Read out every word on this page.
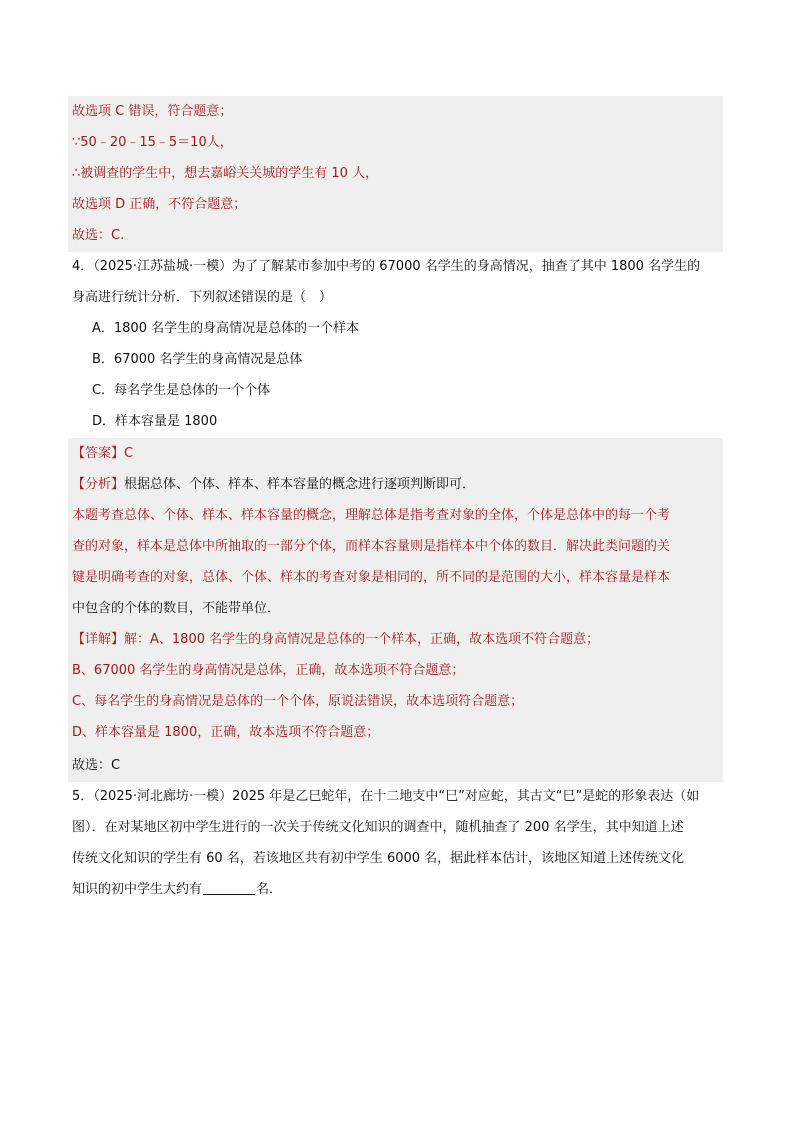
故选项 C 错误，符合题意；
∵50﹣20﹣15﹣5＝10人，
∴被调查的学生中，想去嘉峪关关城的学生有 10 人，
故选项 D 正确，不符合题意；
故选：C.
4．（2025·江苏盐城·一模）为了了解某市参加中考的 67000 名学生的身高情况，抽查了其中 1800 名学生的
身高进行统计分析．下列叙述错误的是（　）
A．1800 名学生的身高情况是总体的一个样本
B．67000 名学生的身高情况是总体
C．每名学生是总体的一个个体
D．样本容量是 1800
【答案】C
【分析】根据总体、个体、样本、样本容量的概念进行逐项判断即可．
本题考查总体、个体、样本、样本容量的概念，理解总体是指考查对象的全体，个体是总体中的每一个考
查的对象，样本是总体中所抽取的一部分个体，而样本容量则是指样本中个体的数目．解决此类问题的关
键是明确考查的对象，总体、个体、样本的考查对象是相同的，所不同的是范围的大小，样本容量是样本
中包含的个体的数目，不能带单位．
【详解】解：A、1800 名学生的身高情况是总体的一个样本，正确，故本选项不符合题意；
B、67000 名学生的身高情况是总体，正确，故本选项不符合题意；
C、每名学生的身高情况是总体的一个个体，原说法错误，故本选项符合题意；
D、样本容量是 1800，正确，故本选项不符合题意；
故选：C
5．（2025·河北廊坊·一模）2025 年是乙巳蛇年，在十二地支中“巳”对应蛇，其古文“巳”是蛇的形象表达（如
图）．在对某地区初中学生进行的一次关于传统文化知识的调查中，随机抽查了 200 名学生，其中知道上述
传统文化知识的学生有 60 名，若该地区共有初中学生 6000 名，据此样本估计，该地区知道上述传统文化
知识的初中学生大约有	名．
